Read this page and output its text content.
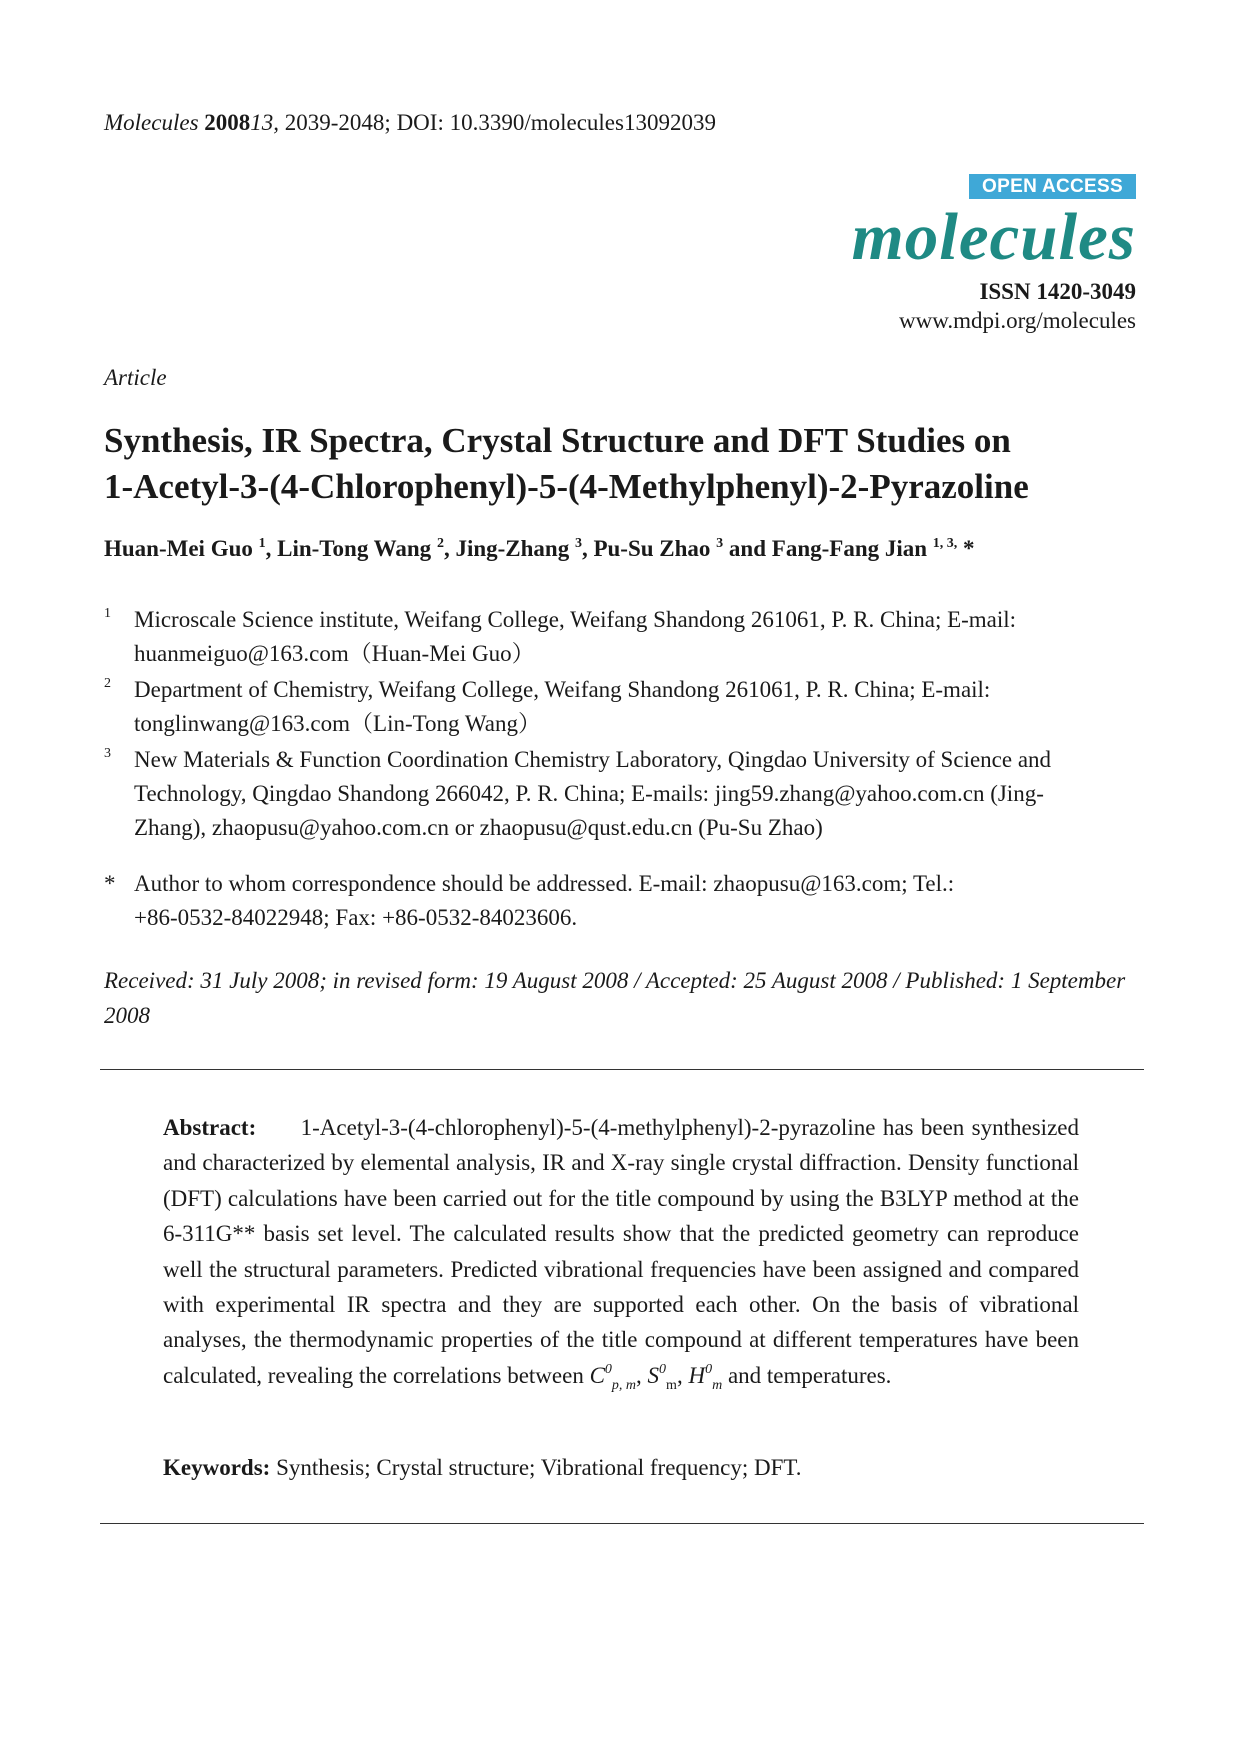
Molecules 200813, 2039-2048; DOI: 10.3390/molecules13092039
OPEN ACCESS
molecules
ISSN 1420-3049
www.mdpi.org/molecules
Article
Synthesis, IR Spectra, Crystal Structure and DFT Studies on
1-Acetyl-3-(4-Chlorophenyl)-5-(4-Methylphenyl)-2-Pyrazoline
Huan-Mei Guo $^1$, Lin-Tong Wang $^2$, Jing-Zhang $^3$, Pu-Su Zhao $^3$ and Fang-Fang Jian $^{1, 3,}$ *
1 Microscale Science institute, Weifang College, Weifang Shandong 261061, P. R. China; E-mail:
huanmeiguo@163.com（Huan-Mei Guo）
2 Department of Chemistry, Weifang College, Weifang Shandong 261061, P. R. China; E-mail:
tonglinwang@163.com（Lin-Tong Wang）
3 New Materials & Function Coordination Chemistry Laboratory, Qingdao University of Science and
Technology, Qingdao Shandong 266042, P. R. China; E-mails: jing59.zhang@yahoo.com.cn (Jing-
Zhang), zhaopusu@yahoo.com.cn or zhaopusu@qust.edu.cn (Pu-Su Zhao)
* Author to whom correspondence should be addressed. E-mail: zhaopusu@163.com; Tel.:
+86-0532-84022948; Fax: +86-0532-84023606.
Received: 31 July 2008; in revised form: 19 August 2008 / Accepted: 25 August 2008 / Published: 1 September 2008
Abstract: 1-Acetyl-3-(4-chlorophenyl)-5-(4-methylphenyl)-2-pyrazoline has been synthesized and characterized by elemental analysis, IR and X-ray single crystal diffraction. Density functional (DFT) calculations have been carried out for the title compound by using the B3LYP method at the 6-311G** basis set level. The calculated results show that the predicted geometry can reproduce well the structural parameters. Predicted vibrational frequencies have been assigned and compared with experimental IR spectra and they are supported each other. On the basis of vibrational analyses, the thermodynamic properties of the title compound at different temperatures have been calculated, revealing the correlations between $C^0_{p, m}$, $S^0_m$, $H^0_m$ and temperatures.
Keywords: Synthesis; Crystal structure; Vibrational frequency; DFT.
